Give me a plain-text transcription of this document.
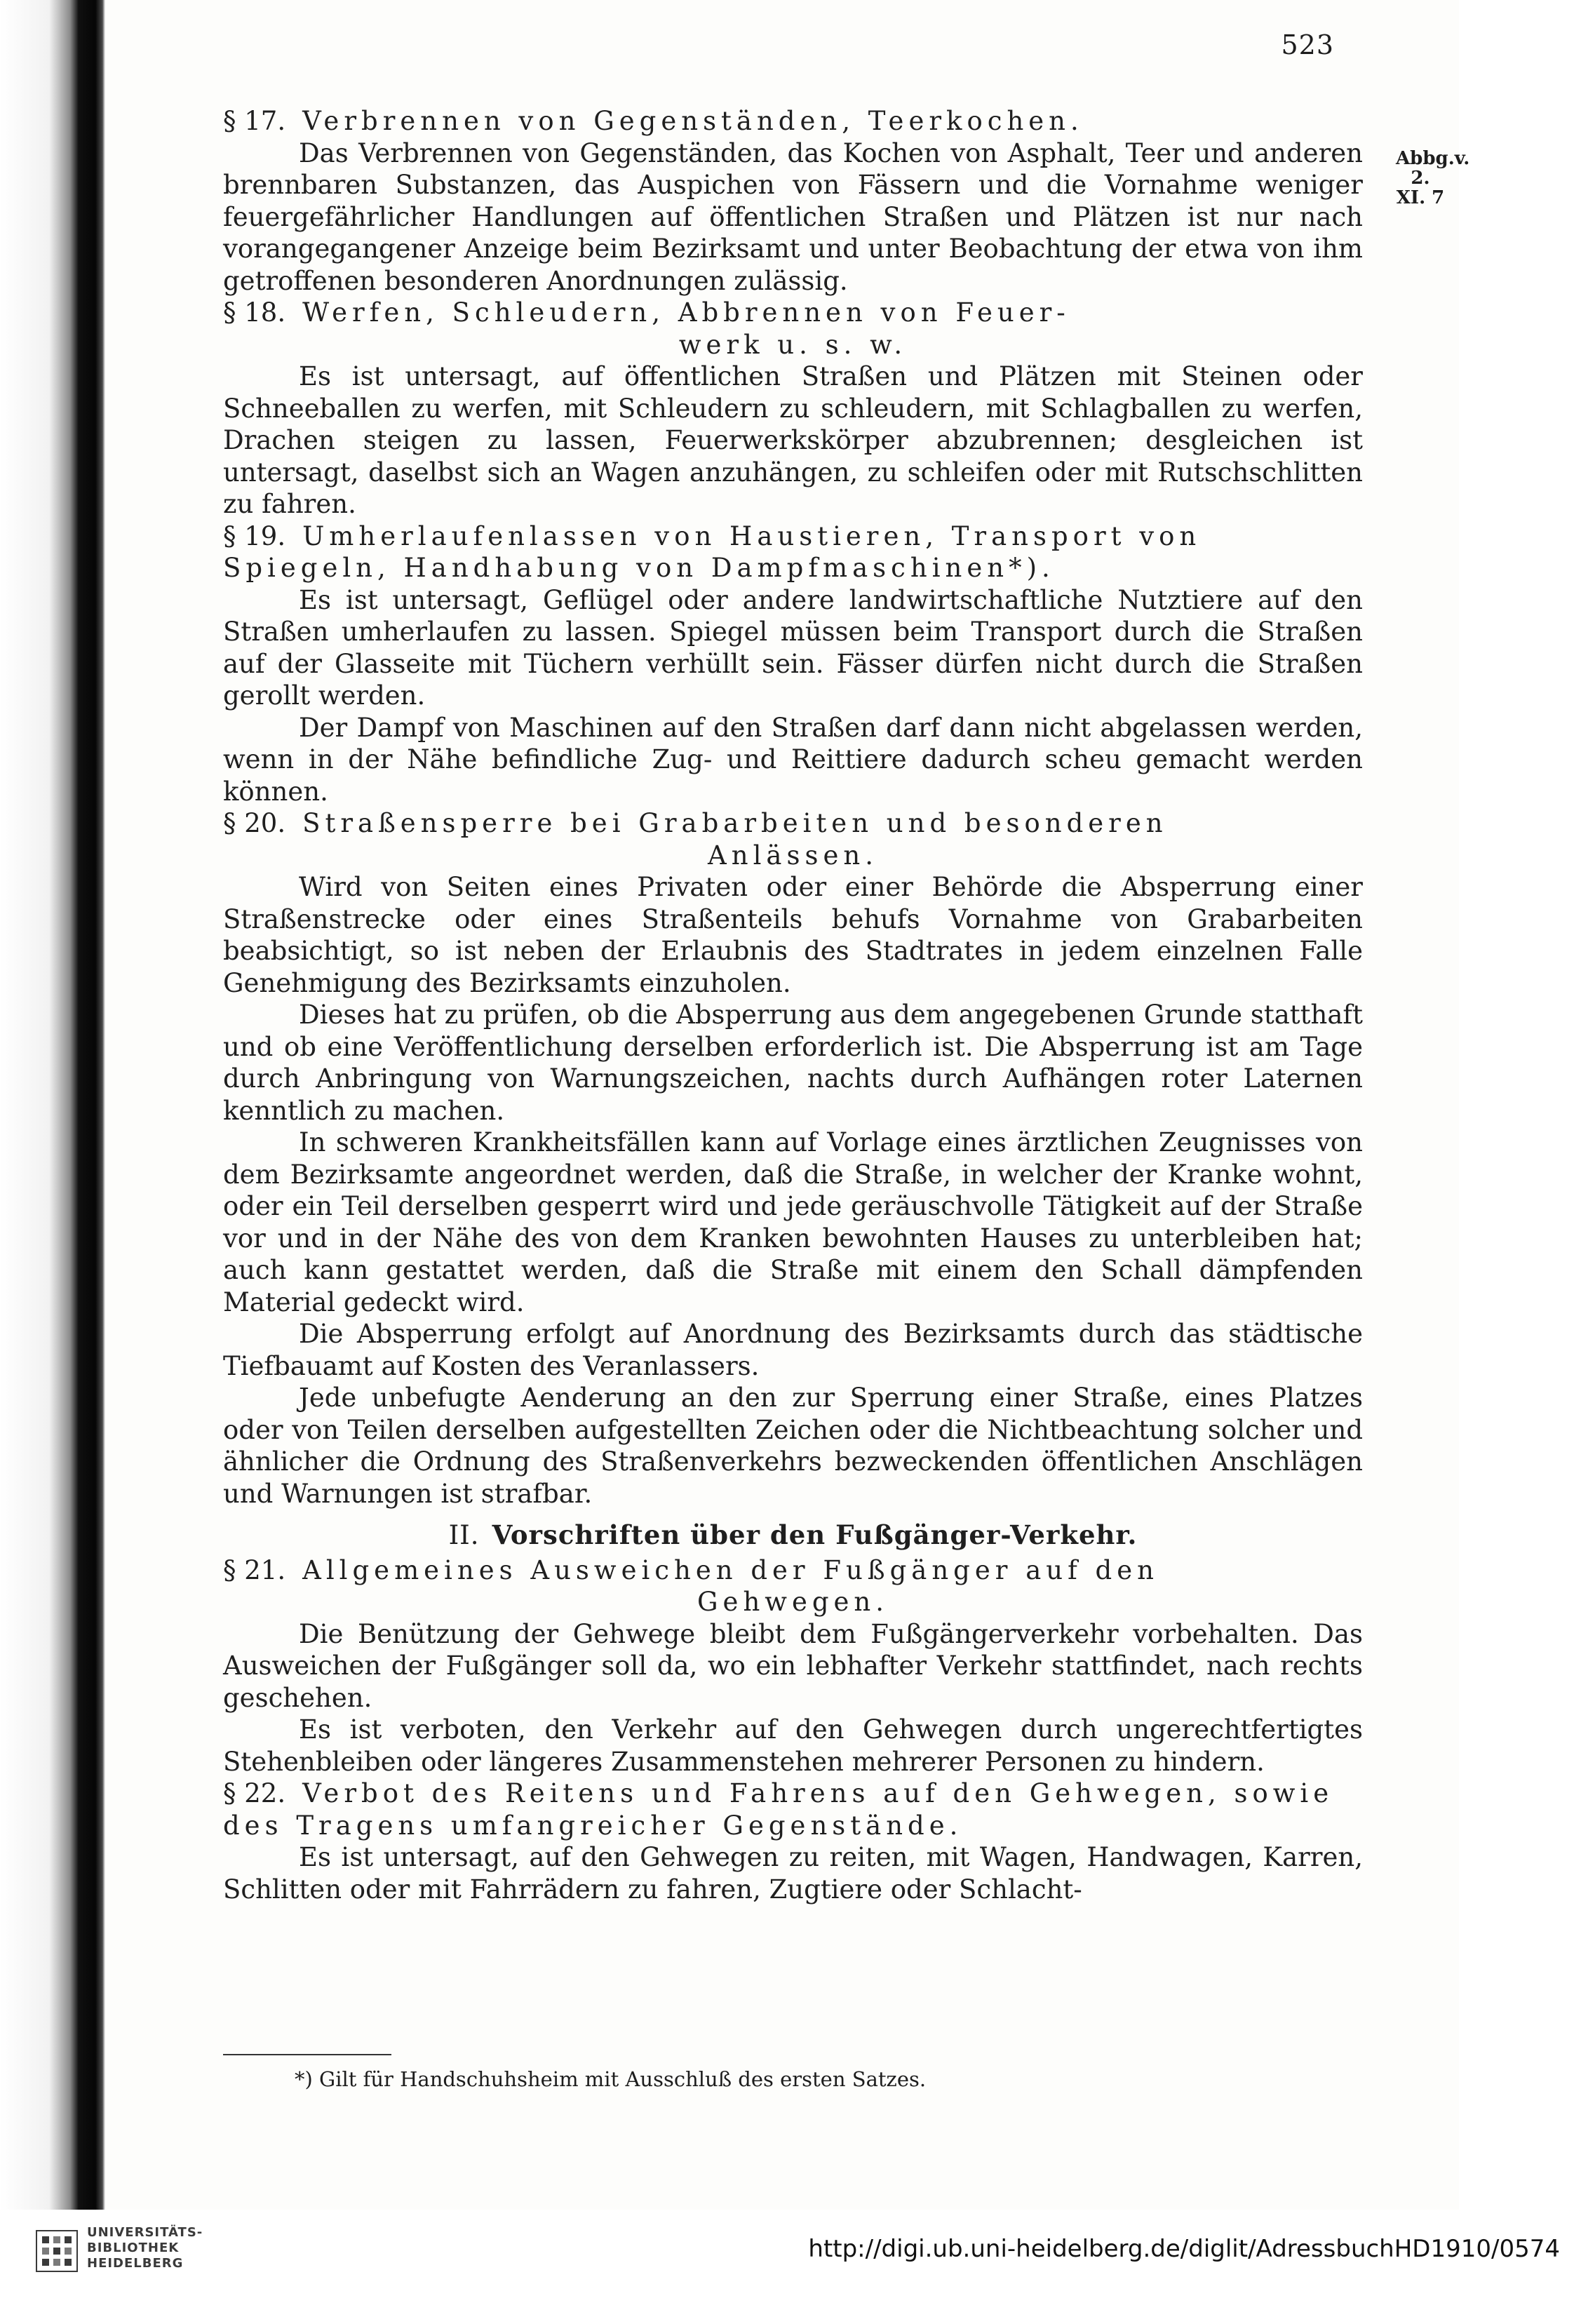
523
Abbg.v.
2. XI. 7

§ 17. Verbrennen von Gegenständen, Teerkochen.

Das Verbrennen von Gegenständen, das Kochen von Asphalt, Teer und anderen brennbaren Substanzen, das Auspichen von Fässern und die Vornahme weniger feuergefährlicher Handlungen auf öffentlichen Straßen und Plätzen ist nur nach vorangegangener Anzeige beim Bezirksamt und unter Beobachtung der etwa von ihm getroffenen besonderen Anordnungen zulässig.

§ 18. Werfen, Schleudern, Abbrennen von Feuer-
werk u. s. w.

Es ist untersagt, auf öffentlichen Straßen und Plätzen mit Steinen oder Schneeballen zu werfen, mit Schleudern zu schleudern, mit Schlagballen zu werfen, Drachen steigen zu lassen, Feuerwerkskörper abzubrennen; desgleichen ist untersagt, daselbst sich an Wagen anzuhängen, zu schleifen oder mit Rutschschlitten zu fahren.

§ 19. Umherlaufenlassen von Haustieren, Transport von Spiegeln, Handhabung von Dampfmaschinen*).

Es ist untersagt, Geflügel oder andere landwirtschaftliche Nutztiere auf den Straßen umherlaufen zu lassen. Spiegel müssen beim Transport durch die Straßen auf der Glasseite mit Tüchern verhüllt sein. Fässer dürfen nicht durch die Straßen gerollt werden.

Der Dampf von Maschinen auf den Straßen darf dann nicht abgelassen werden, wenn in der Nähe befindliche Zug- und Reittiere dadurch scheu gemacht werden können.

§ 20. Straßensperre bei Grabarbeiten und besonderen
Anlässen.

Wird von Seiten eines Privaten oder einer Behörde die Absperrung einer Straßenstrecke oder eines Straßenteils behufs Vornahme von Grabarbeiten beabsichtigt, so ist neben der Erlaubnis des Stadtrates in jedem einzelnen Falle Genehmigung des Bezirksamts einzuholen.

Dieses hat zu prüfen, ob die Absperrung aus dem angegebenen Grunde statthaft und ob eine Veröffentlichung derselben erforderlich ist. Die Absperrung ist am Tage durch Anbringung von Warnungszeichen, nachts durch Aufhängen roter Laternen kenntlich zu machen.

In schweren Krankheitsfällen kann auf Vorlage eines ärztlichen Zeugnisses von dem Bezirksamte angeordnet werden, daß die Straße, in welcher der Kranke wohnt, oder ein Teil derselben gesperrt wird und jede geräuschvolle Tätigkeit auf der Straße vor und in der Nähe des von dem Kranken bewohnten Hauses zu unterbleiben hat; auch kann gestattet werden, daß die Straße mit einem den Schall dämpfenden Material gedeckt wird.

Die Absperrung erfolgt auf Anordnung des Bezirksamts durch das städtische Tiefbauamt auf Kosten des Veranlassers.

Jede unbefugte Aenderung an den zur Sperrung einer Straße, eines Platzes oder von Teilen derselben aufgestellten Zeichen oder die Nichtbeachtung solcher und ähnlicher die Ordnung des Straßenverkehrs bezweckenden öffentlichen Anschlägen und Warnungen ist strafbar.

II. Vorschriften über den Fußgänger-Verkehr.

§ 21. Allgemeines Ausweichen der Fußgänger auf den
Gehwegen.

Die Benützung der Gehwege bleibt dem Fußgängerverkehr vorbehalten. Das Ausweichen der Fußgänger soll da, wo ein lebhafter Verkehr stattfindet, nach rechts geschehen.

Es ist verboten, den Verkehr auf den Gehwegen durch ungerechtfertigtes Stehenbleiben oder längeres Zusammenstehen mehrerer Personen zu hindern.

§ 22. Verbot des Reitens und Fahrens auf den Gehwegen, sowie des Tragens umfangreicher Gegenstände.

Es ist untersagt, auf den Gehwegen zu reiten, mit Wagen, Handwagen, Karren, Schlitten oder mit Fahrrädern zu fahren, Zugtiere oder Schlacht-

*) Gilt für Handschuhsheim mit Ausschluß des ersten Satzes.
UNIVERSITÄTS-
BIBLIOTHEK
HEIDELBERG
http://digi.ub.uni-heidelberg.de/diglit/AdressbuchHD1910/0574
